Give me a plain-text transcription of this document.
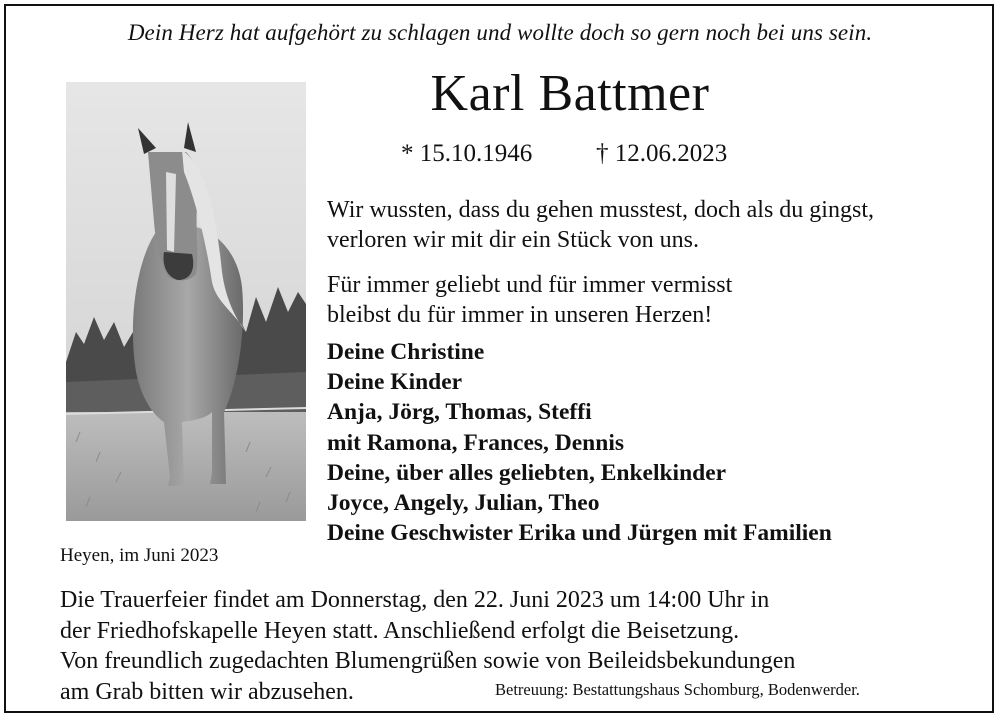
Dein Herz hat aufgehört zu schlagen und wollte doch so gern noch bei uns sein.
Karl Battmer
* 15.10.1946	† 12.06.2023
Wir wussten, dass du gehen musstest, doch als du gingst,
verloren wir mit dir ein Stück von uns.
Für immer geliebt und für immer vermisst
bleibst du für immer in unseren Herzen!
Deine Christine
Deine Kinder
Anja, Jörg, Thomas, Steffi
mit Ramona, Frances, Dennis
Deine, über alles geliebten, Enkelkinder
Joyce, Angely, Julian, Theo
Deine Geschwister Erika und Jürgen mit Familien
Heyen, im Juni 2023
Die Trauerfeier findet am Donnerstag, den 22. Juni 2023 um 14:00 Uhr in
der Friedhofskapelle Heyen statt. Anschließend erfolgt die Beisetzung.
Von freundlich zugedachten Blumengrüßen sowie von Beileidsbekundungen
am Grab bitten wir abzusehen.	Betreuung: Bestattungshaus Schomburg, Bodenwerder.
